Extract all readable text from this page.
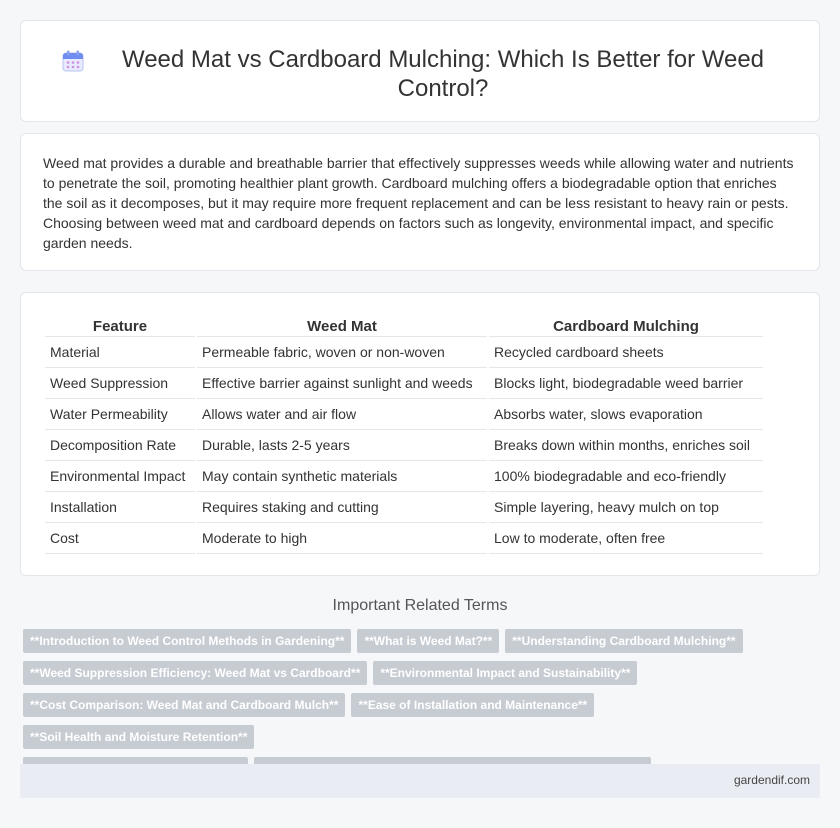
Weed Mat vs Cardboard Mulching: Which Is Better for Weed Control?

Weed mat provides a durable and breathable barrier that effectively suppresses weeds while allowing water and nutrients to penetrate the soil, promoting healthier plant growth. Cardboard mulching offers a biodegradable option that enriches the soil as it decomposes, but it may require more frequent replacement and can be less resistant to heavy rain or pests. Choosing between weed mat and cardboard depends on factors such as longevity, environmental impact, and specific garden needs.

Feature	Weed Mat	Cardboard Mulching
Material	Permeable fabric, woven or non-woven	Recycled cardboard sheets
Weed Suppression	Effective barrier against sunlight and weeds	Blocks light, biodegradable weed barrier
Water Permeability	Allows water and air flow	Absorbs water, slows evaporation
Decomposition Rate	Durable, lasts 2-5 years	Breaks down within months, enriches soil
Environmental Impact	May contain synthetic materials	100% biodegradable and eco-friendly
Installation	Requires staking and cutting	Simple layering, heavy mulch on top
Cost	Moderate to high	Low to moderate, often free
Important Related Terms
**Introduction to Weed Control Methods in Gardening** **What is Weed Mat?** **Understanding Cardboard Mulching**
**Weed Suppression Efficiency: Weed Mat vs Cardboard** **Environmental Impact and Sustainability**
**Cost Comparison: Weed Mat and Cardboard Mulch** **Ease of Installation and Maintenance****Soil Health and Moisture Retention**

gardendif.com
